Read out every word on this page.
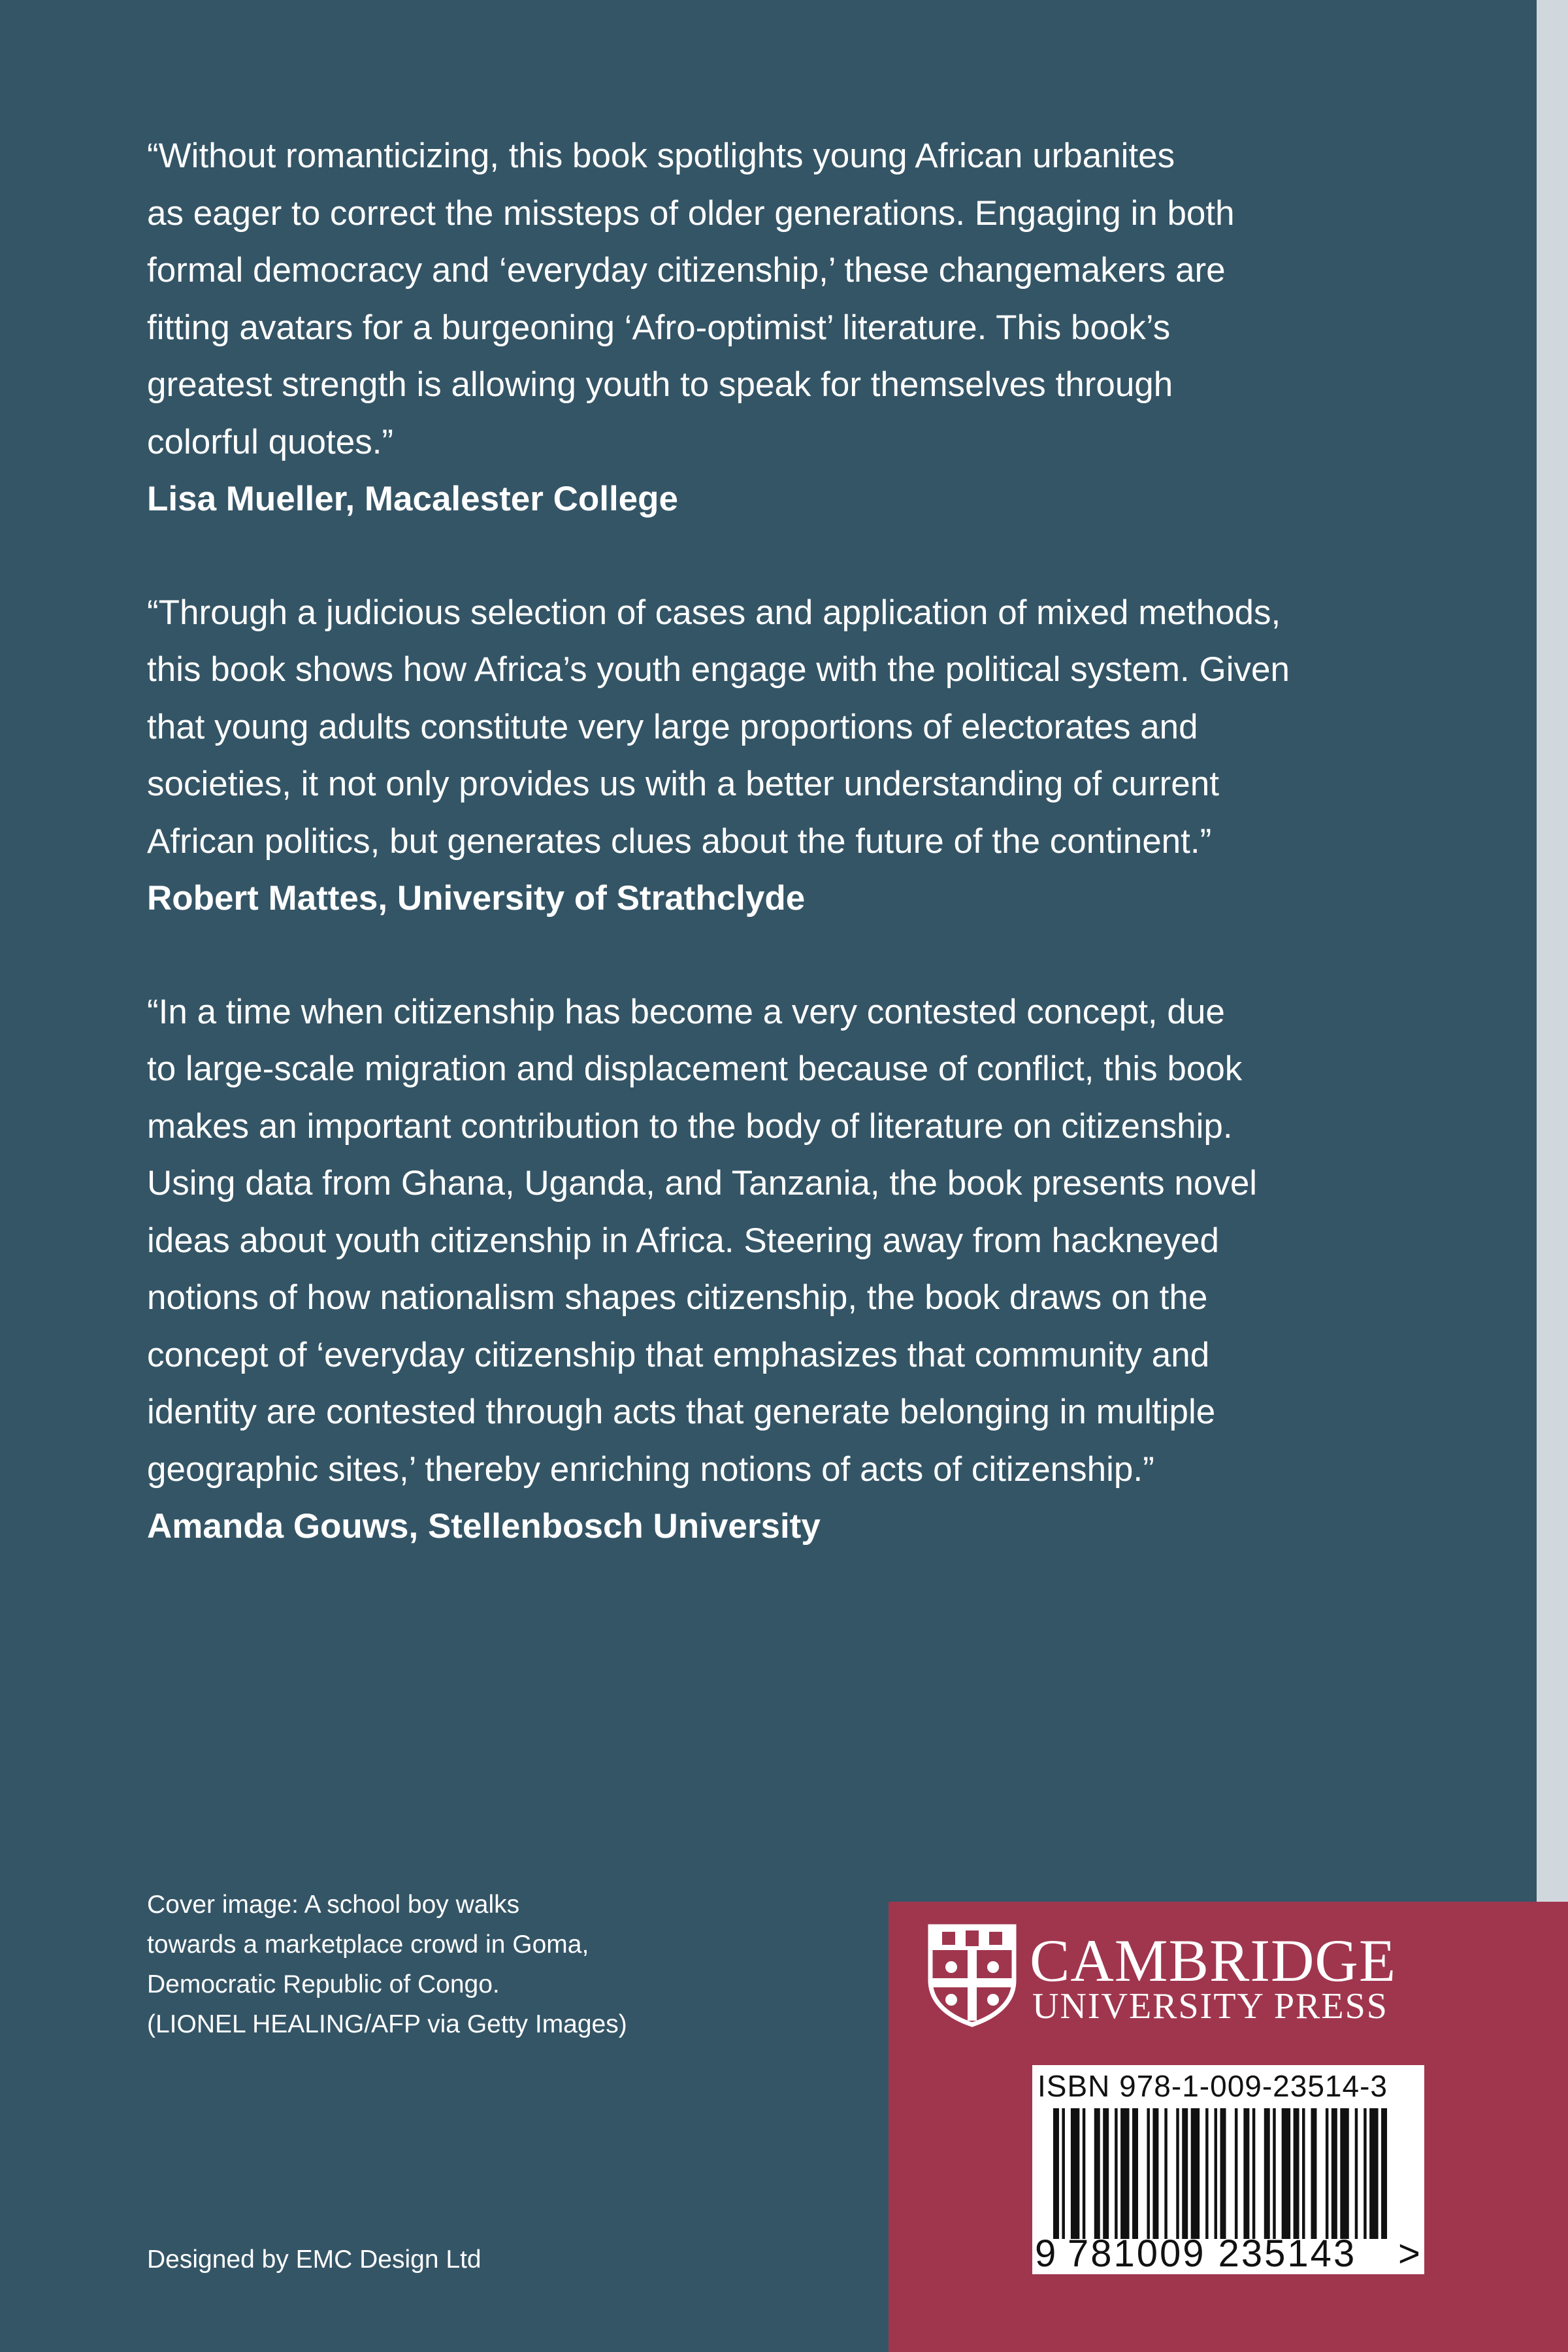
“Without romanticizing, this book spotlights young African urbanites
as eager to correct the missteps of older generations. Engaging in both
formal democracy and ‘everyday citizenship,’ these changemakers are
fitting avatars for a burgeoning ‘Afro-optimist’ literature. This book’s
greatest strength is allowing youth to speak for themselves through
colorful quotes.”
Lisa Mueller, Macalester College
“Through a judicious selection of cases and application of mixed methods,
this book shows how Africa’s youth engage with the political system. Given
that young adults constitute very large proportions of electorates and
societies, it not only provides us with a better understanding of current
African politics, but generates clues about the future of the continent.”
Robert Mattes, University of Strathclyde
“In a time when citizenship has become a very contested concept, due
to large-scale migration and displacement because of conflict, this book
makes an important contribution to the body of literature on citizenship.
Using data from Ghana, Uganda, and Tanzania, the book presents novel
ideas about youth citizenship in Africa. Steering away from hackneyed
notions of how nationalism shapes citizenship, the book draws on the
concept of ‘everyday citizenship that emphasizes that community and
identity are contested through acts that generate belonging in multiple
geographic sites,’ thereby enriching notions of acts of citizenship.”
Amanda Gouws, Stellenbosch University
Cover image: A school boy walks
towards a marketplace crowd in Goma,
Democratic Republic of Congo.
(LIONEL HEALING/AFP via Getty Images)
Designed by EMC Design Ltd
CAMBRIDGE
UNIVERSITY PRESS
ISBN 978-1-009-23514-3
9 781009 235143 >
